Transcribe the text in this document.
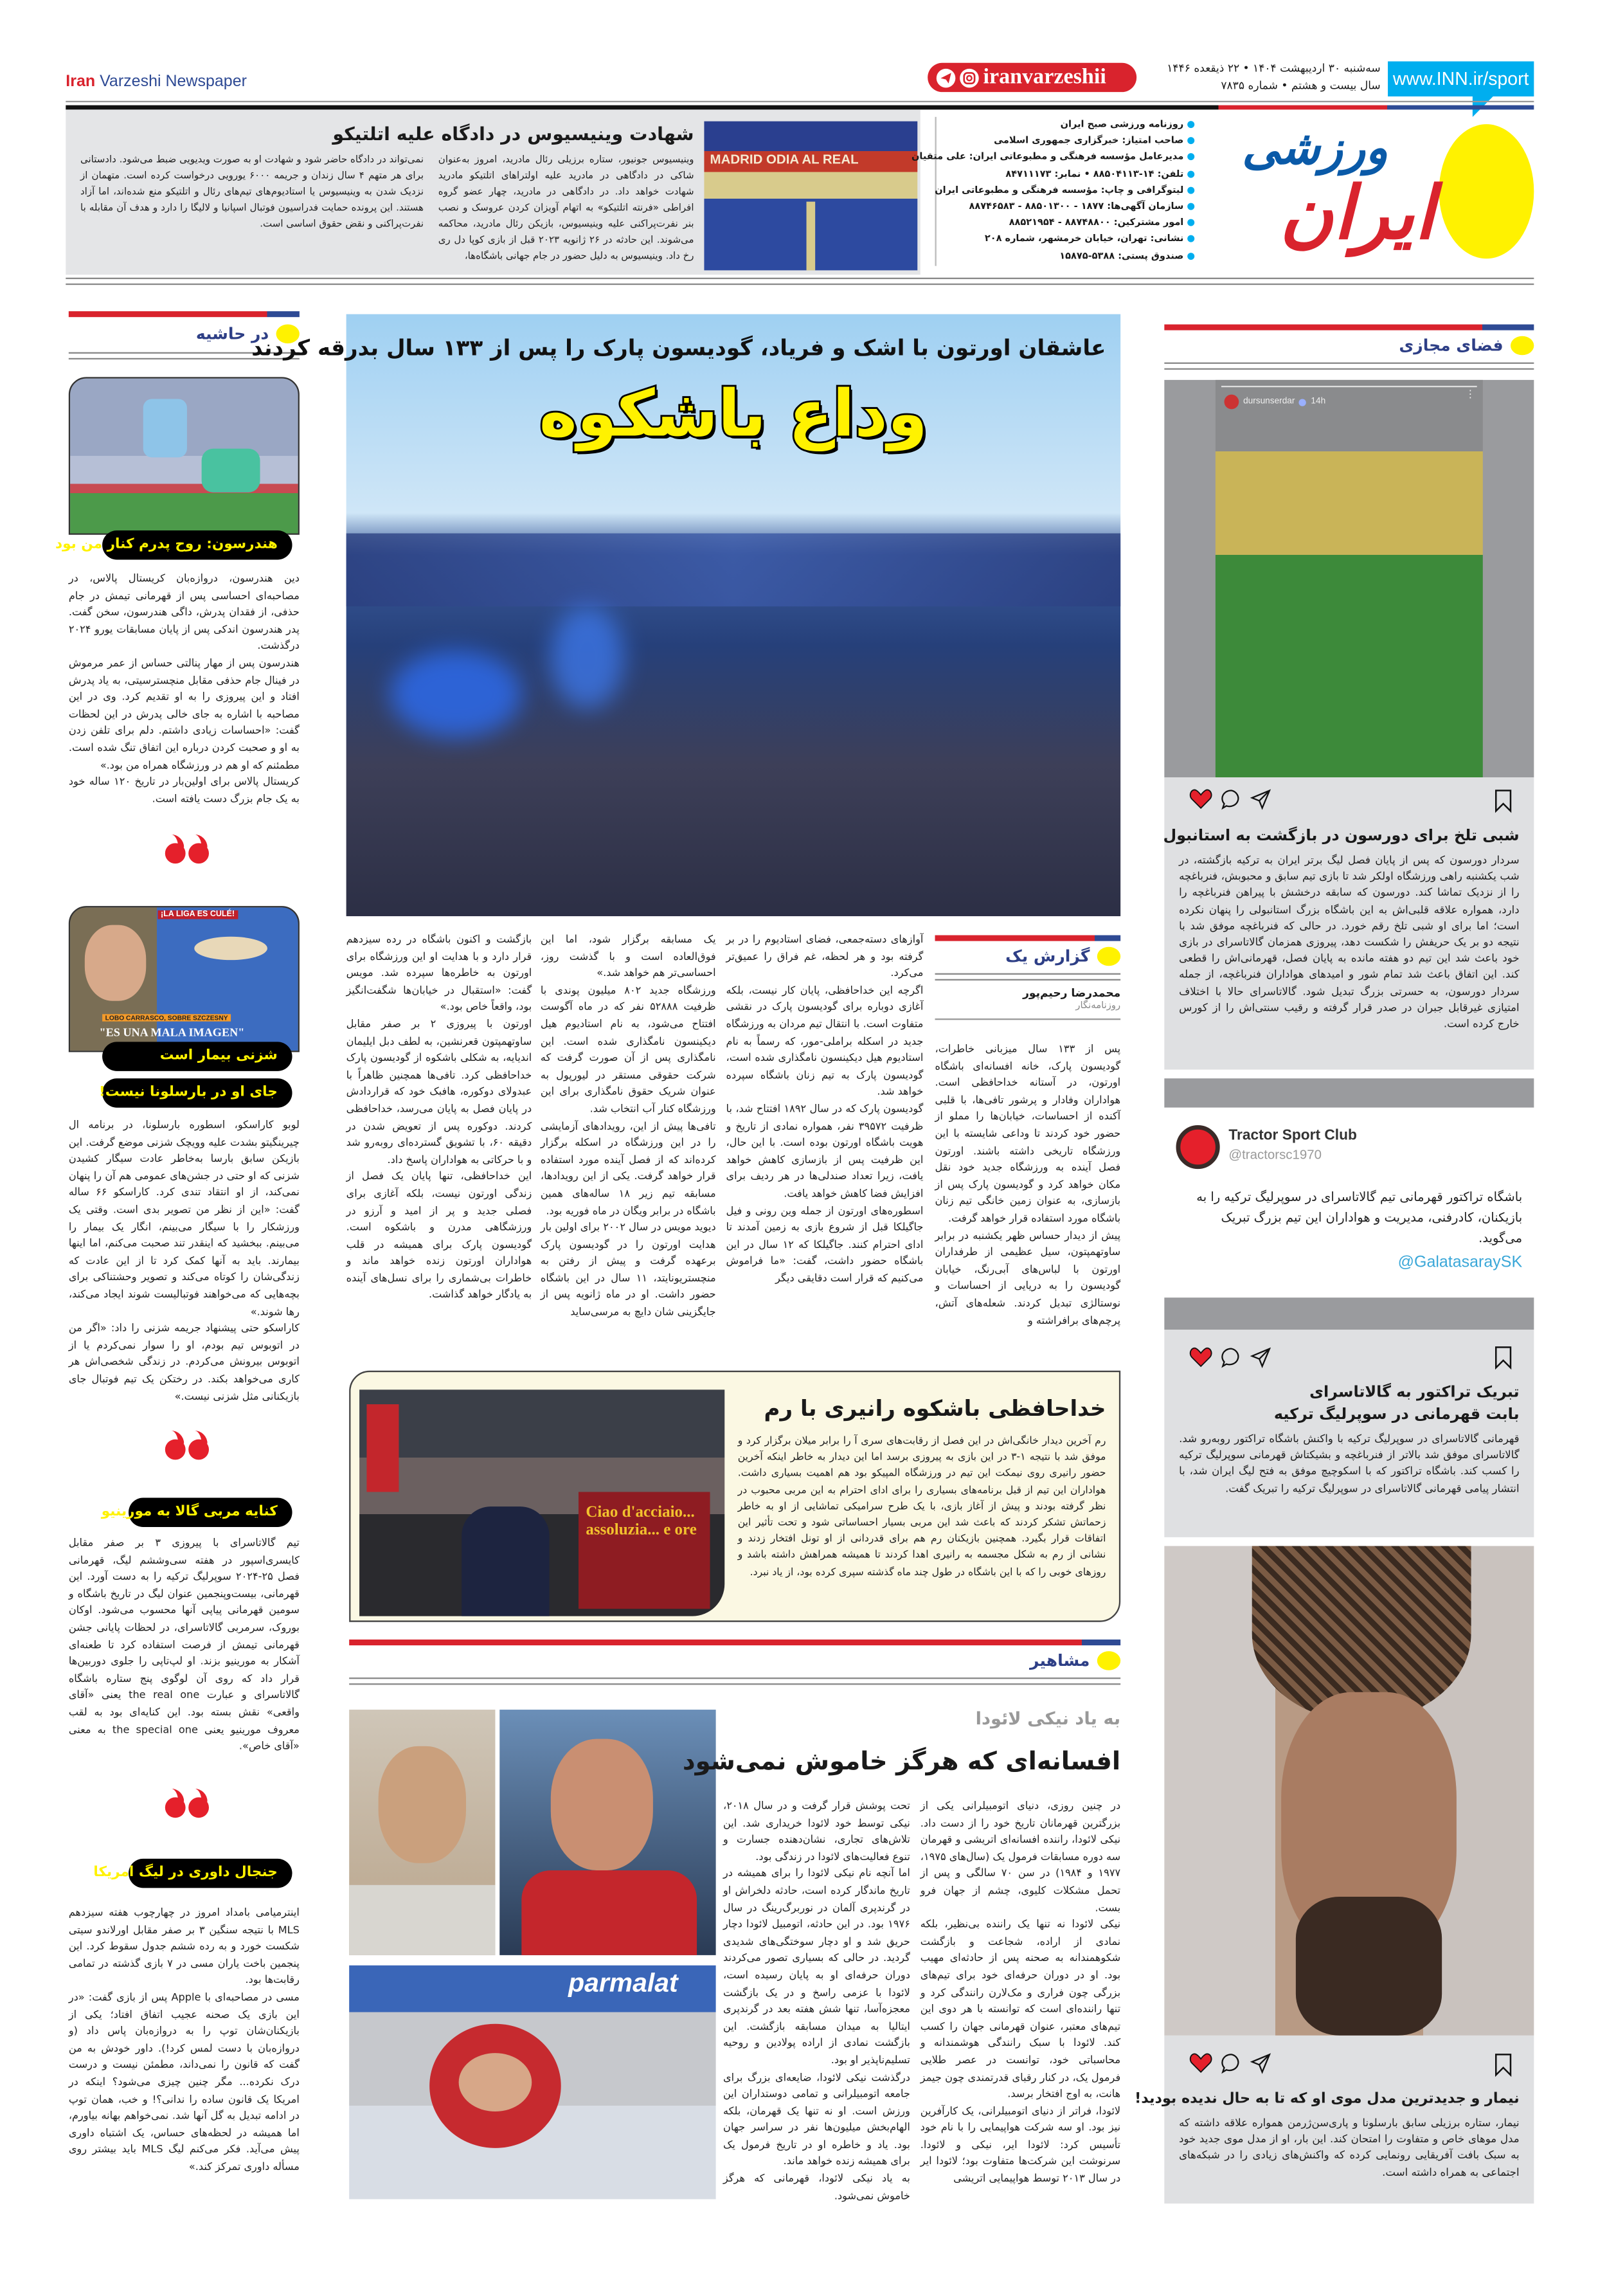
Iran Varzeshi Newspaper	iranvarzeshii	سه‌شنبه ۳۰ اردیبهشت ۱۴۰۴ • ۲۲ ذیقعده ۱۴۴۶
سال بیست و هشتم • شماره ۷۸۳۵	www.INN.ir/sport
MADRID ODIA AL REAL
شهادت وینیسیوس در دادگاه علیه اتلتیکو
وینیسیوس جونیور، ستاره برزیلی رئال مادرید، امروز به‌عنوان شاکی در دادگاهی در مادرید علیه اولتراهای اتلتیکو مادرید شهادت خواهد داد. در دادگاهی در مادرید، چهار عضو گروه افراطی «فرنته اتلتیکو» به اتهام آویزان کردن عروسک و نصب بنر نفرت‌پراکنی علیه وینیسیوس، بازیکن رئال مادرید، محاکمه می‌شوند. این حادثه در ۲۶ ژانویه ۲۰۲۳ قبل از بازی کوپا دل ری رخ داد. وینیسیوس به دلیل حضور در جام جهانی باشگاه‌ها،
نمی‌تواند در دادگاه حاضر شود و شهادت او به صورت ویدیویی ضبط می‌شود. دادستانی برای هر متهم ۴ سال زندان و جریمه ۶۰۰۰ یورویی درخواست کرده است. متهمان از نزدیک شدن به وینیسیوس یا استادیوم‌های تیم‌های رئال و اتلتیکو منع شده‌اند، اما آزاد هستند. این پرونده حمایت فدراسیون فوتبال اسپانیا و لالیگا را دارد و هدف آن مقابله با نفرت‌پراکنی و نقض حقوق اساسی است.
● روزنامه ورزشی صبح ایران
● صاحب امتیاز: خبرگزاری جمهوری اسلامی
● مدیرعامل مؤسسه فرهنگی و مطبوعاتی ایران: علی متقیان
● تلفن: ۱۴-۸۸۵۰۴۱۱۳ • نمابر: ۸۴۷۱۱۱۷۳
● لیتوگرافی و چاپ: مؤسسه فرهنگی و مطبوعاتی ایران
● سازمان آگهی‌ها: ۱۸۷۷ - ۸۸۵۰۱۳۰۰ - ۸۸۷۴۶۵۸۳
● امور مشترکین: ۸۸۷۴۸۸۰۰ - ۸۸۵۲۱۹۵۴
● نشانی: تهران، خیابان خرمشهر، شماره ۲۰۸
● صندوق پستی: ۵۳۸۸-۱۵۸۷۵
ورزشی
ایران
در حاشیه
هندرسون: روح پدرم کنار من بود
دین هندرسون، دروازه‌بان کریستال پالاس، در مصاحبه‌ای احساسی پس از قهرمانی تیمش در جام حذفی، از فقدان پدرش، داگی هندرسون، سخن گفت. پدر هندرسون اندکی پس از پایان مسابقات یورو ۲۰۲۴ درگذشت.
هندرسون پس از مهار پنالتی حساس از عمر مرموش در فینال جام حذفی مقابل منچسترسیتی، به یاد پدرش افتاد و این پیروزی را به او تقدیم کرد. وی در این مصاحبه با اشاره به جای خالی پدرش در این لحظات گفت: «احساسات زیادی داشتم. دلم برای تلفن زدن به او و صحبت کردن درباره این اتفاق تنگ شده است. مطمئنم که او هم در ورزشگاه همراه من بود.»
کریستال پالاس برای اولین‌بار در تاریخ ۱۲۰ ساله خود به یک جام بزرگ دست یافته است.
¡LA LIGA ES CULÉ!
LOBO CARRASCO, SOBRE SZCZESNY
"ES UNA MALA IMAGEN"
شزنی بیمار است
جای او در بارسلونا نیست!
لوبو کاراسکو، اسطوره بارسلونا، در برنامه ال چیرینگیتو بشدت علیه وویچک شزنی موضع گرفت. این بازیکن سابق بارسا به‌خاطر عادت سیگار کشیدن شزنی که او حتی در جشن‌های عمومی هم آن را پنهان نمی‌کند، از او انتقاد تندی کرد. کاراسکو ۶۶ ساله گفت: «این از نظر من تصویر بدی است. وقتی یک ورزشکار را با سیگار می‌بینم، انگار یک بیمار را می‌بینم. ببخشید که اینقدر تند صحبت می‌کنم، اما اینها بیمارند. باید به آنها کمک کرد تا از این عادت که زندگی‌شان را کوتاه می‌کند و تصویر وحشتناکی برای بچه‌هایی که می‌خواهند فوتبالیست شوند ایجاد می‌کند، رها شوند.»
کاراسکو حتی پیشنهاد جریمه شزنی را داد: «اگر من در اتوبوس تیم بودم، او را سوار نمی‌کردم یا از اتوبوس بیرونش می‌کردم. در زندگی شخصی‌اش هر کاری می‌خواهد بکند. در رختکن یک تیم فوتبال جای بازیکنانی مثل شزنی نیست.»
کنایه مربی گالا به مورینیو
تیم گالاتاسرای با پیروزی ۳ بر صفر مقابل کایسری‌اسپور در هفته سی‌وششم لیگ، قهرمانی فصل ۲۵-۲۰۲۴ سوپرلیگ ترکیه را به دست آورد. این قهرمانی، بیست‌وپنجمین عنوان لیگ در تاریخ باشگاه و سومین قهرمانی پیاپی آنها محسوب می‌شود. اوکان بوروک، سرمربی گالاتاسرای، در لحظات پایانی جشن قهرمانی تیمش از فرصت استفاده کرد تا طعنه‌ای آشکار به مورینیو بزند. او لپ‌تاپی را جلوی دوربین‌ها قرار داد که روی آن لوگوی پنج ستاره باشگاه گالاتاسرای و عبارت the real one یعنی «آقای واقعی» نقش بسته بود. این کنایه‌ای بود به لقب معروف مورینیو یعنی the special one به معنی «آقای خاص».
جنجال داوری در لیگ امریکا
اینترمیامی بامداد امروز در چهارچوب هفته سیزدهم MLS با نتیجه سنگین ۳ بر صفر مقابل اورلاندو سیتی شکست خورد و به رده ششم جدول سقوط کرد. این پنجمین باخت یاران مسی در ۷ بازی گذشته در تمامی رقابت‌ها بود.
مسی در مصاحبه‌ای با Apple پس از بازی گفت: «در این بازی یک صحنه عجیب اتفاق افتاد؛ یکی از بازیکنان‌شان توپ را به دروازه‌بان پاس داد (و دروازه‌بان با دست لمس کرد!). داور خودش به من گفت که قانون را نمی‌داند، مطمئن نیست و درست درک نکرده... مگر چنین چیزی می‌شود؟ اینکه در امریکا یک قانون ساده را ندانی؟! و خب، همان توپ در ادامه تبدیل به گل آنها شد. نمی‌خواهم بهانه بیاورم، اما همیشه در لحظه‌های حساس، یک اشتباه داوری پیش می‌آید. فکر می‌کنم لیگ MLS باید بیشتر روی مسأله داوری تمرکز کند.»
عاشقان اورتون با اشک و فریاد، گودیسون پارک را پس از ۱۳۳ سال بدرقه کردند
وداع باشکوه
گزارش یک
محمدرضا رحیم‌پور
روزنامه‌نگار
پس از ۱۳۳ سال میزبانی خاطرات، گودیسون پارک، خانه افسانه‌ای باشگاه اورتون، در آستانه خداحافظی است. هواداران وفادار و پرشور تافی‌ها، با قلبی آکنده از احساسات، خیابان‌ها را مملو از حضور خود کردند تا وداعی شایسته با این ورزشگاه تاریخی داشته باشند. اورتون فصل آینده به ورزشگاه جدید خود نقل مکان خواهد کرد و گودیسون پارک پس از بازسازی، به عنوان زمین خانگی تیم زنان باشگاه مورد استفاده قرار خواهد گرفت.
پیش از دیدار حساس ظهر یکشنبه در برابر ساوتهمپتون، سیل عظیمی از طرفداران اورتون با لباس‌های آبی‌رنگ، خیابان گودیسون را به دریایی از احساسات و نوستالژی تبدیل کردند. شعله‌های آتش، پرچم‌های برافراشته و
آوازهای دسته‌جمعی، فضای استادیوم را در بر گرفته بود و هر لحظه، غم فراق را عمیق‌تر می‌کرد.
اگرچه این خداحافظی، پایان کار نیست، بلکه آغازی دوباره برای گودیسون پارک در نقشی متفاوت است. با انتقال تیم مردان به ورزشگاه جدید در اسکله براملی-مور، که رسماً به نام استادیوم هیل دیکینسون نامگذاری شده است، گودیسون پارک به تیم زنان باشگاه سپرده خواهد شد.
گودیسون پارک که در سال ۱۸۹۲ افتتاح شد، با ظرفیت ۳۹۵۷۲ نفر، همواره نمادی از تاریخ و هویت باشگاه اورتون بوده است. با این حال، این ظرفیت پس از بازسازی کاهش خواهد یافت، زیرا تعداد صندلی‌ها در هر ردیف برای افزایش فضا کاهش خواهد یافت.
اسطوره‌های اورتون از جمله وین رونی و فیل جاگیلکا قبل از شروع بازی به زمین آمدند تا ادای احترام کنند. جاگیلکا که ۱۲ سال در این باشگاه حضور داشت، گفت: «ما فراموش می‌کنیم که قرار است دقایقی دیگر
یک مسابقه برگزار شود، اما این فوق‌العاده است و با گذشت روز، احساسی‌تر هم خواهد شد.»
ورزشگاه جدید ۸۰۲ میلیون پوندی با ظرفیت ۵۲۸۸۸ نفر که در ماه آگوست افتتاح می‌شود، به نام استادیوم هیل دیکینسون نامگذاری شده است. این نامگذاری پس از آن صورت گرفت که شرکت حقوقی مستقر در لیورپول به عنوان شریک حقوق نامگذاری برای این ورزشگاه کنار آب انتخاب شد.
تافی‌ها پیش از این، رویدادهای آزمایشی را در این ورزشگاه در اسکله برگزار کرده‌اند که از فصل آینده مورد استفاده قرار خواهد گرفت. یکی از این رویدادها، مسابقه تیم زیر ۱۸ ساله‌های همین باشگاه در برابر ویگان در ماه فوریه بود.
دیوید مویس در سال ۲۰۰۲ برای اولین بار هدایت اورتون را در گودیسون پارک برعهده گرفت و پیش از رفتن به منچستریونایتد، ۱۱ سال در این باشگاه حضور داشت. او در ماه ژانویه پس از جایگزینی شان دایچ به مرسی‌ساید
بازگشت و اکنون باشگاه در رده سیزدهم قرار دارد و با هدایت او این ورزشگاه برای اورتون به خاطره‌ها سپرده شد. مویس گفت: «استقبال در خیابان‌ها شگفت‌انگیز بود، واقعاً خاص بود.»
اورتون با پیروزی ۲ بر صفر مقابل ساوتهمپتون قعرنشین، به لطف دبل ایلیمان اندیایه، به شکلی باشکوه از گودیسون پارک خداحافظی کرد. تافی‌ها همچنین ظاهراً با عبدولای دوکوره، هافبک خود که قراردادش در پایان فصل به پایان می‌رسد، خداحافظی کردند. دوکوره پس از تعویض شدن در دقیقه ۶۰، با تشویق گسترده‌ای روبه‌رو شد و با حرکاتی به هواداران پاسخ داد.
این خداحافظی، تنها پایان یک فصل از زندگی اورتون نیست، بلکه آغازی برای فصلی جدید و پر از امید و آرزو در ورزشگاهی مدرن و باشکوه است. گودیسون پارک برای همیشه در قلب هواداران اورتون زنده خواهد ماند و خاطرات بی‌شماری را برای نسل‌های آینده به یادگار خواهد گذاشت.
Ciao d'acciaio... assoluzia... e ore
خداحافظی باشکوه رانیری با رم
رم آخرین دیدار خانگی‌اش در این فصل از رقابت‌های سری آ را برابر میلان برگزار کرد و موفق شد با نتیجه ۱-۳ در این بازی به پیروزی برسد اما این دیدار به خاطر اینکه آخرین حضور رانیری روی نیمکت این تیم در ورزشگاه المپیکو بود هم اهمیت بسیاری داشت. هواداران این تیم از قبل برنامه‌های بسیاری را برای ادای احترام به این مربی محبوب در نظر گرفته بودند و پیش از آغاز بازی، با یک طرح سرامیکی تماشایی از او به خاطر زحماتش تشکر کردند که باعث شد این مربی بسیار احساساتی شود و تحت تأثیر این اتفاقات قرار بگیرد. همچنین بازیکنان رم هم برای قدردانی از او تونل افتخار زدند و نشانی از رم به شکل مجسمه به رانیری اهدا کردند تا همیشه همراهش داشته باشد و روزهای خوبی را که با این باشگاه در طول چند ماه گذشته سپری کرده بود، از یاد نبرد.
مشاهیر
parmalat
به یاد نیکی لائودا
افسانه‌ای که هرگز خاموش نمی‌شود
در چنین روزی، دنیای اتومبیلرانی یکی از بزرگترین قهرمانان تاریخ خود را از دست داد. نیکی لائودا، راننده افسانه‌ای اتریشی و قهرمان سه دوره مسابقات فرمول یک (سال‌های ۱۹۷۵، ۱۹۷۷ و ۱۹۸۴) در سن ۷۰ سالگی و پس از تحمل مشکلات کلیوی، چشم از جهان فرو بست.
نیکی لائودا نه تنها یک راننده بی‌نظیر، بلکه نمادی از اراده، شجاعت و بازگشت شکوهمندانه به صحنه پس از حادثه‌ای مهیب بود. او در دوران حرفه‌ای خود برای تیم‌های بزرگی چون فراری و مک‌لارن رانندگی کرد و تنها راننده‌ای است که توانسته با هر دوی این تیم‌های معتبر، عنوان قهرمانی جهان را کسب کند. لائودا با سبک رانندگی هوشمندانه و محاسباتی خود، توانست در عصر طلایی فرمول یک، در کنار رقبای قدرتمندی چون جیمز هانت، به اوج افتخار برسد.
لائودا، فراتر از دنیای اتومبیلرانی، یک کارآفرین نیز بود. او سه شرکت هواپیمایی را با نام خود تأسیس کرد: لائودا ایر، نیکی و لائودا. سرنوشت این شرکت‌ها متفاوت بود؛ لائودا ایر در سال ۲۰۱۳ توسط هواپیمایی اتریشی
تحت پوشش قرار گرفت و در سال ۲۰۱۸، نیکی توسط خود لائودا خریداری شد. این تلاش‌های تجاری، نشان‌دهنده جسارت و تنوع فعالیت‌های لائودا در زندگی بود.
اما آنچه نام نیکی لائودا را برای همیشه در تاریخ ماندگار کرده است، حادثه دلخراش او در گرندپری آلمان در نوربرگ‌رینگ در سال ۱۹۷۶ بود. در این حادثه، اتومبیل لائودا دچار حریق شد و او دچار سوختگی‌های شدیدی گردید. در حالی که بسیاری تصور می‌کردند دوران حرفه‌ای او به پایان رسیده است، لائودا با عزمی راسخ و در یک بازگشت معجزه‌آسا، تنها شش هفته بعد در گرندپری ایتالیا به میدان مسابقه بازگشت. این بازگشت نمادی از اراده پولادین و روحیه تسلیم‌ناپذیر او بود.
درگذشت نیکی لائودا، ضایعه‌ای بزرگ برای جامعه اتومبیلرانی و تمامی دوستداران این ورزش است. او نه تنها یک قهرمان، بلکه الهام‌بخش میلیون‌ها نفر در سراسر جهان بود. یاد و خاطره او در تاریخ فرمول یک برای همیشه زنده خواهد ماند.
به یاد نیکی لائودا، قهرمانی که هرگز خاموش نمی‌شود.
فضای مجازی
dursunserdar	14h
⋮
شبی تلخ برای دورسون در بازگشت به استانبول
سردار دورسون که پس از پایان فصل لیگ برتر ایران به ترکیه بازگشته، در شب یکشنبه راهی ورزشگاه اولکر شد تا بازی تیم سابق و محبوبش، فنرباغچه را از نزدیک تماشا کند. دورسون که سابقه درخشش با پیراهن فنرباغچه را دارد، همواره علاقه قلبی‌اش به این باشگاه بزرگ استانبولی را پنهان نکرده است؛ اما برای او شبی تلخ رقم خورد. در حالی که فنرباغچه موفق شد با نتیجه دو بر یک حریفش را شکست دهد، پیروزی همزمان گالاتاسرای در بازی خود باعث شد این تیم دو هفته مانده به پایان فصل، قهرمانی‌اش را قطعی کند. این اتفاق باعث شد تمام شور و امیدهای هواداران فنرباغچه، از جمله سردار دورسون، به حسرتی بزرگ تبدیل شود. گالاتاسرای حالا با اختلاف امتیازی غیرقابل جبران در صدر قرار گرفته و رقیب سنتی‌اش را از کورس خارج کرده است.
Tractor Sport Club
@tractorsc1970
باشگاه تراکتور قهرمانی تیم گالاتاسرای در سوپرلیگ ترکیه را به بازیکنان، کادرفنی، مدیریت و هواداران این تیم بزرگ تبریک می‌گوید.
@GalatasaraySK
تبریک تراکتور به گالاتاسرای
بابت قهرمانی در سوپرلیگ ترکیه
قهرمانی گالاتاسرای در سوپرلیگ ترکیه با واکنش باشگاه تراکتور روبه‌رو شد. گالاتاسرای موفق شد بالاتر از فنرباغچه و بشیکتاش قهرمانی سوپرلیگ ترکیه را کسب کند. باشگاه تراکتور که با اسکوچیچ موفق به فتح لیگ ایران شد، با انتشار پیامی قهرمانی گالاتاسرای در سوپرلیگ ترکیه را تبریک گفت.
نیمار و جدیدترین مدل موی او که تا به حال ندیده بودید!
نیمار، ستاره برزیلی سابق بارسلونا و پاری‌سن‌ژرمن همواره علاقه داشته که مدل موهای خاص و متفاوت را امتحان کند. این بار، او از مدل موی جدید خود به سبک بافت آفریقایی رونمایی کرده که واکنش‌های زیادی را در شبکه‌های اجتماعی به همراه داشته است.
